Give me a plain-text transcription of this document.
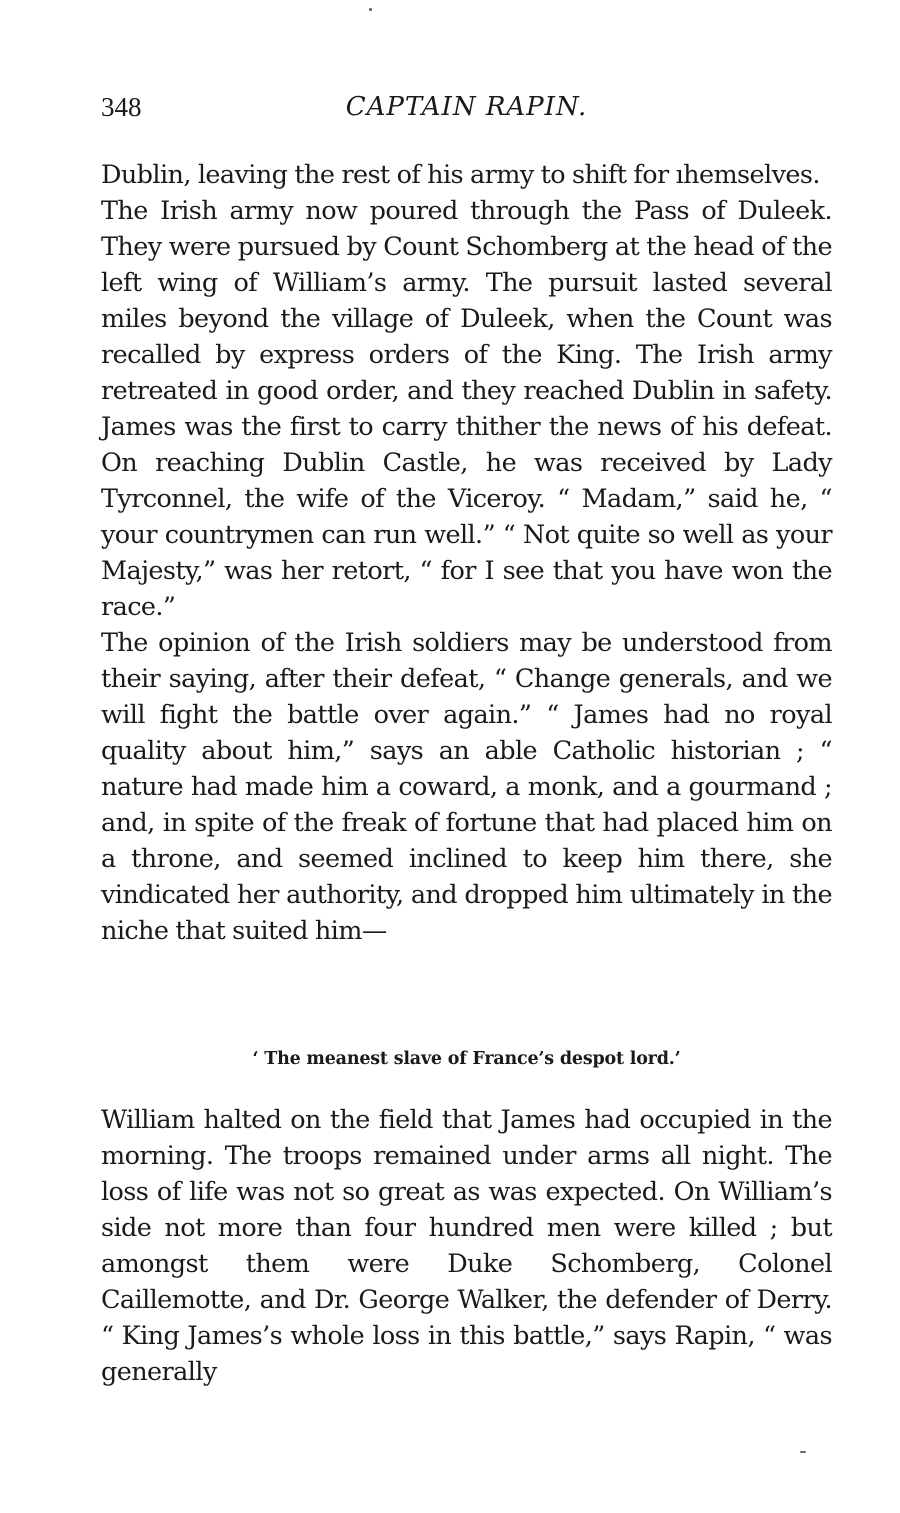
348	CAPTAIN RAPIN.

Dublin, leaving the rest of his army to shift for ıhemselves.

The Irish army now poured through the Pass of Duleek. They were pursued by Count Schomberg at the head of the left wing of William’s army. The pursuit lasted several miles beyond the village of Duleek, when the Count was recalled by express orders of the King. The Irish army retreated in good order, and they reached Dublin in safety. James was the first to carry thither the news of his defeat. On reaching Dublin Castle, he was received by Lady Tyrconnel, the wife of the Viceroy. “ Madam,” said he, “ your countrymen can run well.” “ Not quite so well as your Majesty,” was her retort, “ for I see that you have won the race.”

The opinion of the Irish soldiers may be understood from their saying, after their defeat, “ Change generals, and we will fight the battle over again.” “ James had no royal quality about him,” says an able Catholic historian ; “ nature had made him a coward, a monk, and a gourmand ; and, in spite of the freak of fortune that had placed him on a throne, and seemed inclined to keep him there, she vindicated her authority, and dropped him ultimately in the niche that suited him—

‘ The meanest slave of France’s despot lord.’

William halted on the field that James had occupied in the morning. The troops remained under arms all night. The loss of life was not so great as was expected. On William’s side not more than four hundred men were killed ; but amongst them were Duke Schomberg, Colonel Caillemotte, and Dr. George Walker, the defender of Derry. “ King James’s whole loss in this battle,” says Rapin, “ was generally
